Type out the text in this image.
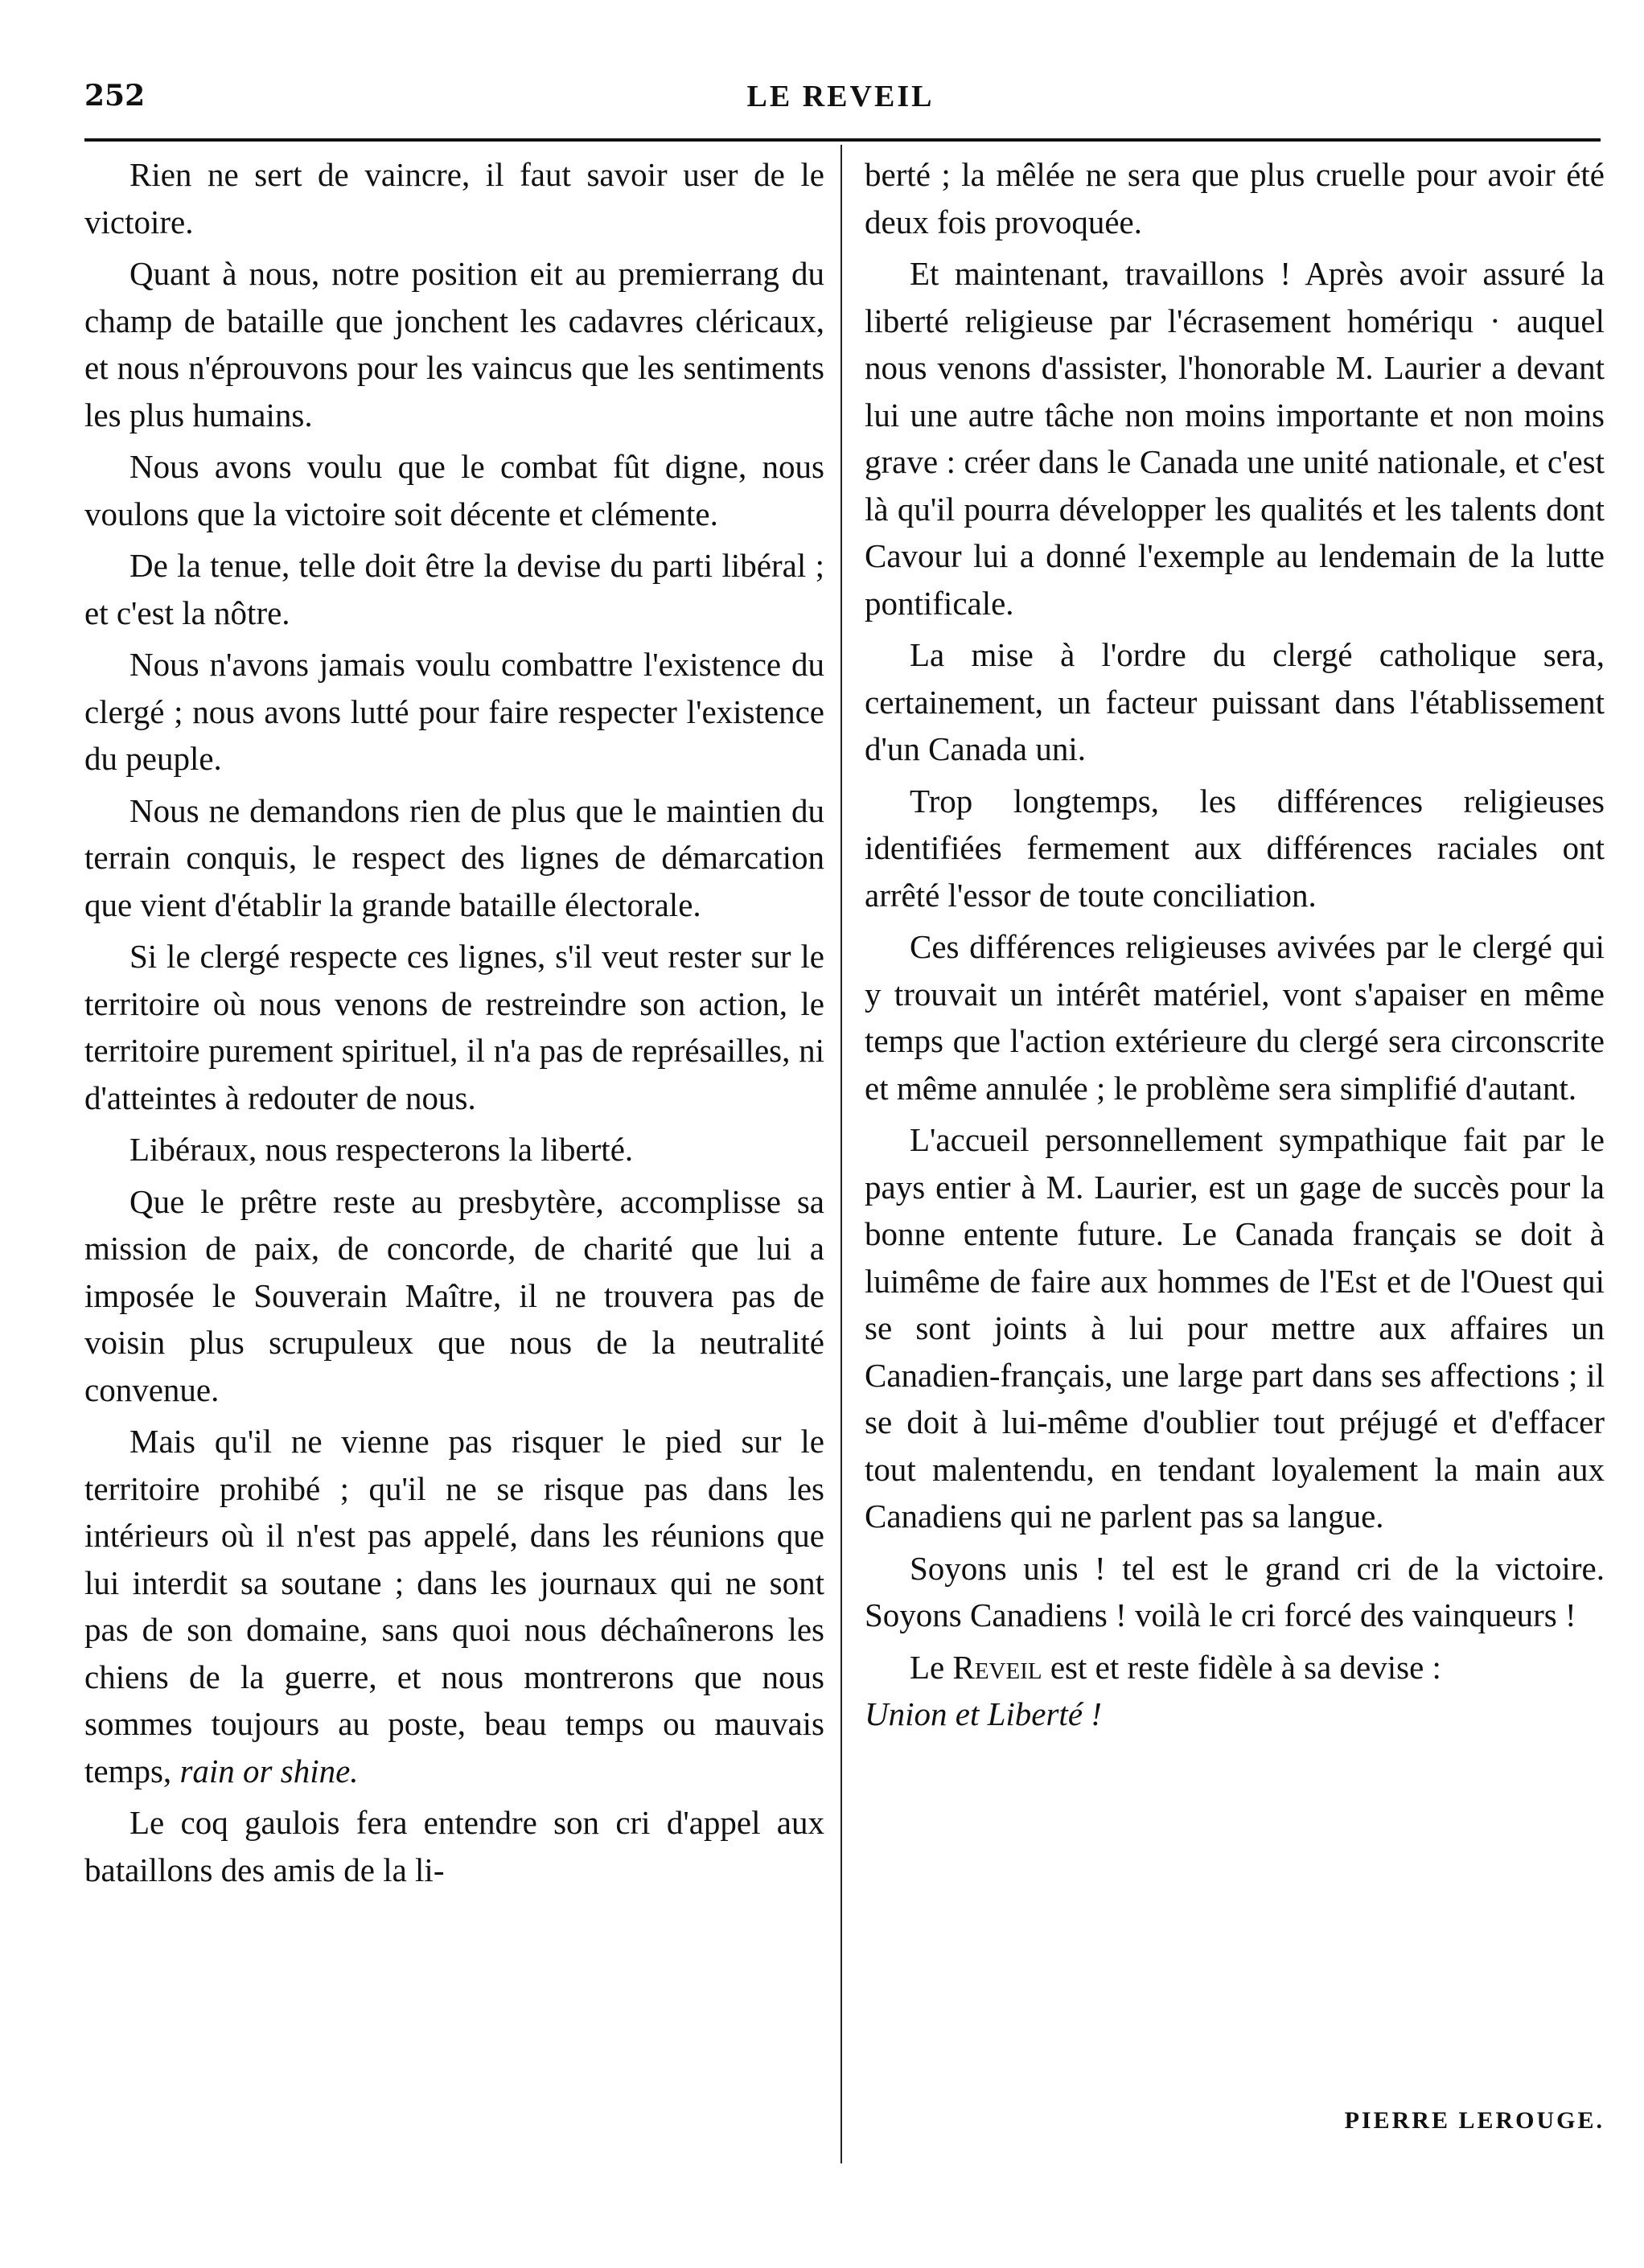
252	LE REVEIL

Rien ne sert de vaincre, il faut savoir user de le victoire.

Quant à nous, notre position eit au premierrang du champ de bataille que jonchent les cadavres cléricaux, et nous n'éprouvons pour les vaincus que les sentiments les plus humains.

Nous avons voulu que le combat fût digne, nous voulons que la victoire soit décente et clémente.

De la tenue, telle doit être la devise du parti libéral ; et c'est la nôtre.

Nous n'avons jamais voulu combattre l'existence du clergé ; nous avons lutté pour faire respecter l'existence du peuple.

Nous ne demandons rien de plus que le maintien du terrain conquis, le respect des lignes de démarcation que vient d'établir la grande bataille électorale.

Si le clergé respecte ces lignes, s'il veut rester sur le territoire où nous venons de restreindre son action, le territoire purement spirituel, il n'a pas de représailles, ni d'atteintes à redouter de nous.

Libéraux, nous respecterons la liberté.

Que le prêtre reste au presbytère, accomplisse sa mission de paix, de concorde, de charité que lui a imposée le Souverain Maître, il ne trouvera pas de voisin plus scrupuleux que nous de la neutralité convenue.

Mais qu'il ne vienne pas risquer le pied sur le territoire prohibé ; qu'il ne se risque pas dans les intérieurs où il n'est pas appelé, dans les réunions que lui interdit sa soutane ; dans les journaux qui ne sont pas de son domaine, sans quoi nous déchaînerons les chiens de la guerre, et nous montrerons que nous sommes toujours au poste, beau temps ou mauvais temps, rain or shine.

Le coq gaulois fera entendre son cri d'appel aux bataillons des amis de la li-

berté ; la mêlée ne sera que plus cruelle pour avoir été deux fois provoquée.

Et maintenant, travaillons ! Après avoir assuré la liberté religieuse par l'écrasement homériqu · auquel nous venons d'assister, l'honorable M. Laurier a devant lui une autre tâche non moins importante et non moins grave : créer dans le Canada une unité nationale, et c'est là qu'il pourra développer les qualités et les talents dont Cavour lui a donné l'exemple au lendemain de la lutte pontificale.

La mise à l'ordre du clergé catholique sera, certainement, un facteur puissant dans l'établissement d'un Canada uni.

Trop longtemps, les différences religieuses identifiées fermement aux différences raciales ont arrêté l'essor de toute conciliation.

Ces différences religieuses avivées par le clergé qui y trouvait un intérêt matériel, vont s'apaiser en même temps que l'action extérieure du clergé sera circonscrite et même annulée ; le problème sera simplifié d'autant.

L'accueil personnellement sympathique fait par le pays entier à M. Laurier, est un gage de succès pour la bonne entente future. Le Canada français se doit à luimême de faire aux hommes de l'Est et de l'Ouest qui se sont joints à lui pour mettre aux affaires un Canadien-français, une large part dans ses affections ; il se doit à lui-même d'oublier tout préjugé et d'effacer tout malentendu, en tendant loyalement la main aux Canadiens qui ne parlent pas sa langue.

Soyons unis ! tel est le grand cri de la victoire. Soyons Canadiens ! voilà le cri forcé des vainqueurs !

Le Reveil est et reste fidèle à sa devise :
Union et Liberté !

PIERRE LEROUGE.
